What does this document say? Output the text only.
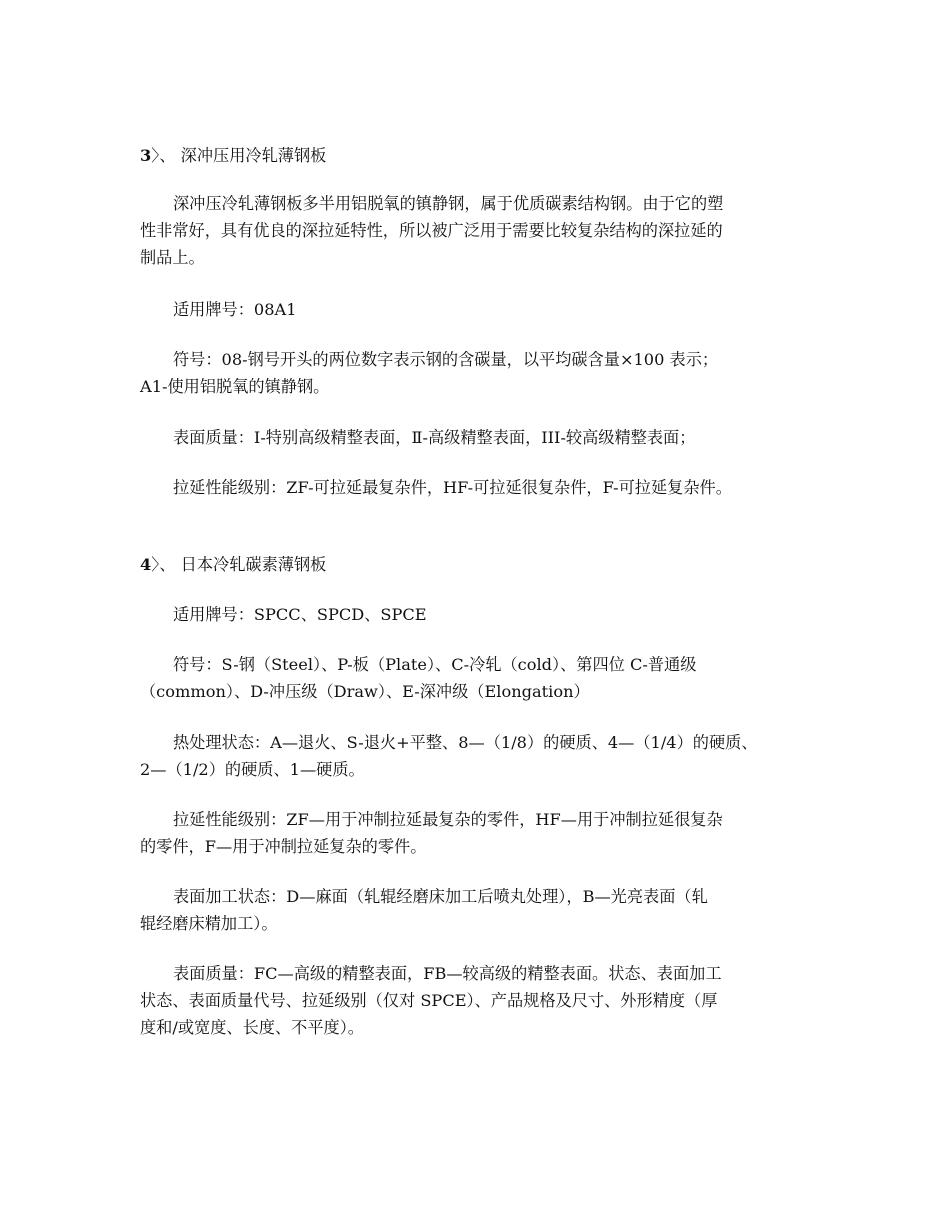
3〉、 深冲压用冷轧薄钢板
深冲压冷轧薄钢板多半用铝脱氧的镇静钢，属于优质碳素结构钢。由于它的塑
性非常好，具有优良的深拉延特性，所以被广泛用于需要比较复杂结构的深拉延的
制品上。
适用牌号：08A1
符号：08-钢号开头的两位数字表示钢的含碳量，以平均碳含量×100 表示；
A1-使用铝脱氧的镇静钢。
表面质量：Ⅰ-特别高级精整表面，Ⅱ-高级精整表面，III-较高级精整表面；
拉延性能级别：ZF-可拉延最复杂件，HF-可拉延很复杂件，F-可拉延复杂件。
4〉、 日本冷轧碳素薄钢板
适用牌号：SPCC、SPCD、SPCE
符号：S-钢（Steel）、P-板（Plate）、C-冷轧（cold）、第四位 C-普通级
（common）、D-冲压级（Draw）、E-深冲级（Elongation）
热处理状态：A—退火、S-退火+平整、8—（1/8）的硬质、4—（1/4）的硬质、
2—（1/2）的硬质、1—硬质。
拉延性能级别：ZF—用于冲制拉延最复杂的零件，HF—用于冲制拉延很复杂
的零件，F—用于冲制拉延复杂的零件。
表面加工状态：D—麻面（轧辊经磨床加工后喷丸处理），B—光亮表面（轧
辊经磨床精加工）。
表面质量：FC—高级的精整表面，FB—较高级的精整表面。状态、表面加工
状态、表面质量代号、拉延级别（仅对 SPCE）、产品规格及尺寸、外形精度（厚
度和/或宽度、长度、不平度）。
